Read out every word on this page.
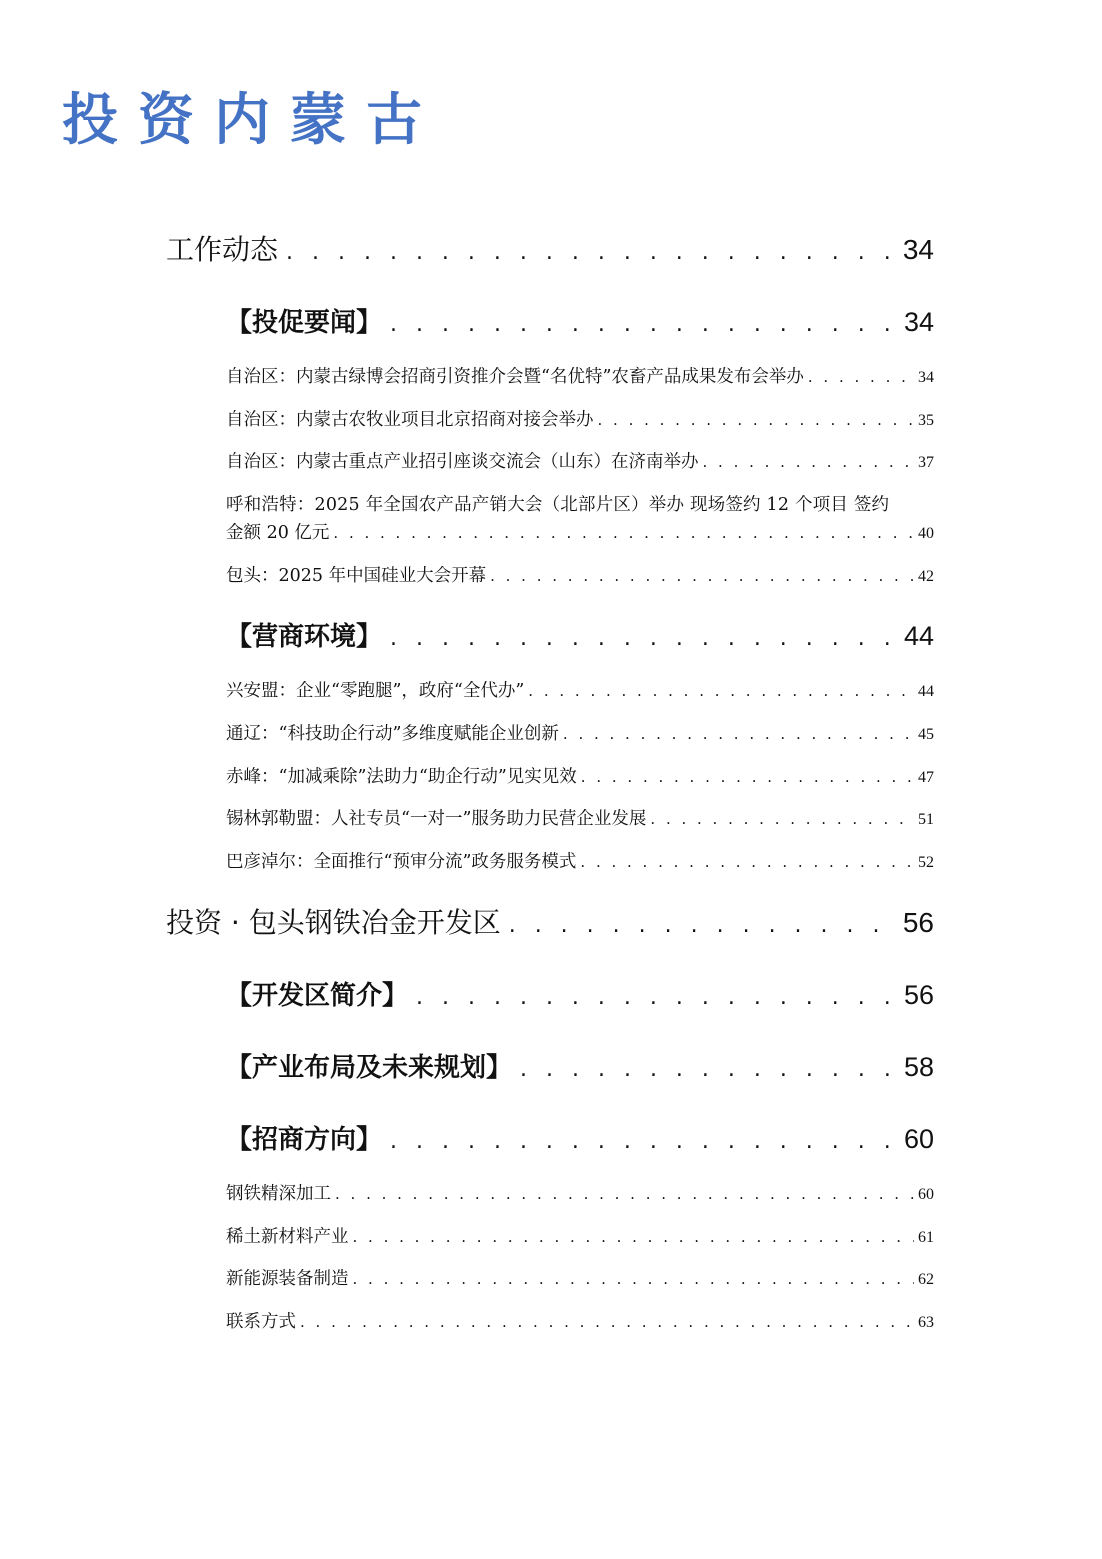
投资内蒙古
工作动态 . . .	34
【投促要闻】 . . .	34
自治区：内蒙古绿博会招商引资推介会暨“名优特”农畜产品成果发布会举办 . . .	34
自治区：内蒙古农牧业项目北京招商对接会举办 . . .	35
自治区：内蒙古重点产业招引座谈交流会（山东）在济南举办 . . .	37
呼和浩特：2025 年全国农产品产销大会（北部片区）举办 现场签约 12 个项目 签约
金额 20 亿元 . . .	40
包头：2025 年中国硅业大会开幕 . . .	42
【营商环境】 . . .	44
兴安盟：企业“零跑腿”，政府“全代办” . . .	44
通辽：“科技助企行动”多维度赋能企业创新 . . .	45
赤峰：“加减乘除”法助力“助企行动”见实见效 . . .	47
锡林郭勒盟：人社专员“一对一”服务助力民营企业发展 . . .	51
巴彦淖尔：全面推行“预审分流”政务服务模式 . . .	52
投资 · 包头钢铁冶金开发区 . . .	56
【开发区简介】 . . .	56
【产业布局及未来规划】 . . .	58
【招商方向】 . . .	60
钢铁精深加工 . . .	60
稀土新材料产业 . . .	61
新能源装备制造 . . .	62
联系方式 . . .	63
